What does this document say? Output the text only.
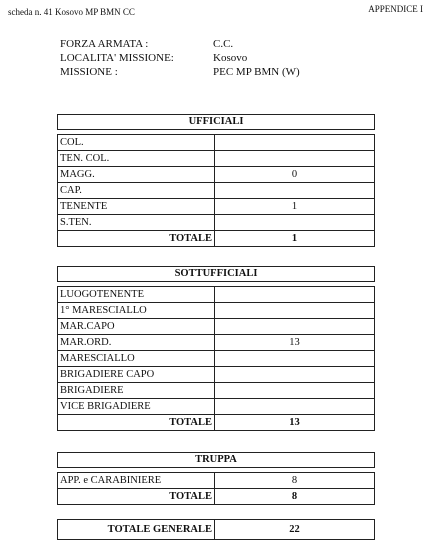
scheda n. 41 Kosovo MP BMN CC	APPENDICE I
FORZA ARMATA :	C.C.
LOCALITA' MISSIONE:	Kosovo
MISSIONE :	PEC MP BMN (W)
UFFICIALI	

COL.	
TEN. COL.	
MAGG.	0
CAP.	
TENENTE	1
S.TEN.	
TOTALE	1
SOTTUFFICIALI	

LUOGOTENENTE	
1° MARESCIALLO	
MAR.CAPO	
MAR.ORD.	13
MARESCIALLO	
BRIGADIERE CAPO	
BRIGADIERE	
VICE BRIGADIERE	
TOTALE	13
TRUPPA	

APP. e CARABINIERE	8
TOTALE	8
TOTALE GENERALE	22
